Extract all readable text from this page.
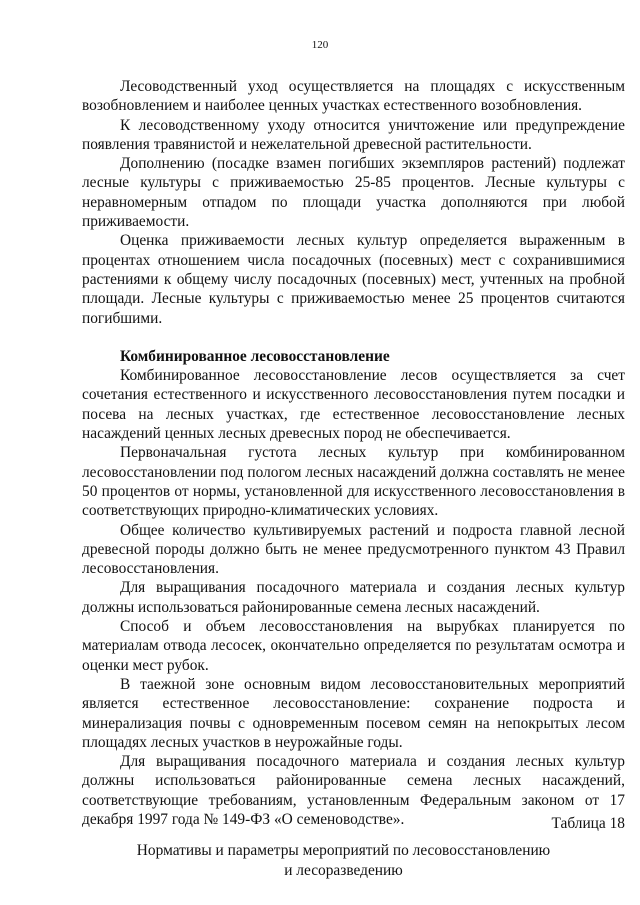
120

Лесоводственный уход осуществляется на площадях с искусственным возобновлением и наиболее ценных участках естественного возобновления.

К лесоводственному уходу относится уничтожение или предупреждение появления травянистой и нежелательной древесной растительности.

Дополнению (посадке взамен погибших экземпляров растений) подлежат лесные культуры с приживаемостью 25-85 процентов. Лесные культуры с неравномерным отпадом по площади участка дополняются при любой приживаемости.

Оценка приживаемости лесных культур определяется выраженным в процентах отношением числа посадочных (посевных) мест с сохранившимися растениями к общему числу посадочных (посевных) мест, учтенных на пробной площади. Лесные культуры с приживаемостью менее 25 процентов считаются погибшими.

Комбинированное лесовосстановление

Комбинированное лесовосстановление лесов осуществляется за счет сочетания естественного и искусственного лесовосстановления путем посадки и посева на лесных участках, где естественное лесовосстановление лесных насаждений ценных лесных древесных пород не обеспечивается.

Первоначальная густота лесных культур при комбинированном лесовосстановлении под пологом лесных насаждений должна составлять не менее 50 процентов от нормы, установленной для искусственного лесовосстановления в соответствующих природно-климатических условиях.

Общее количество культивируемых растений и подроста главной лесной древесной породы должно быть не менее предусмотренного пунктом 43 Правил лесовосстановления.

Для выращивания посадочного материала и создания лесных культур должны использоваться районированные семена лесных насаждений.

Способ и объем лесовосстановления на вырубках планируется по материалам отвода лесосек, окончательно определяется по результатам осмотра и оценки мест рубок.

В таежной зоне основным видом лесовосстановительных мероприятий является естественное лесовосстановление: сохранение подроста и минерализация почвы с одновременным посевом семян на непокрытых лесом площадях лесных участков в неурожайные годы.

Для выращивания посадочного материала и создания лесных культур должны использоваться районированные семена лесных насаждений, соответствующие требованиям, установленным Федеральным законом от 17 декабря 1997 года № 149-ФЗ «О семеноводстве».	Таблица 18

Нормативы и параметры мероприятий по лесовосстановлению
и лесоразведению
